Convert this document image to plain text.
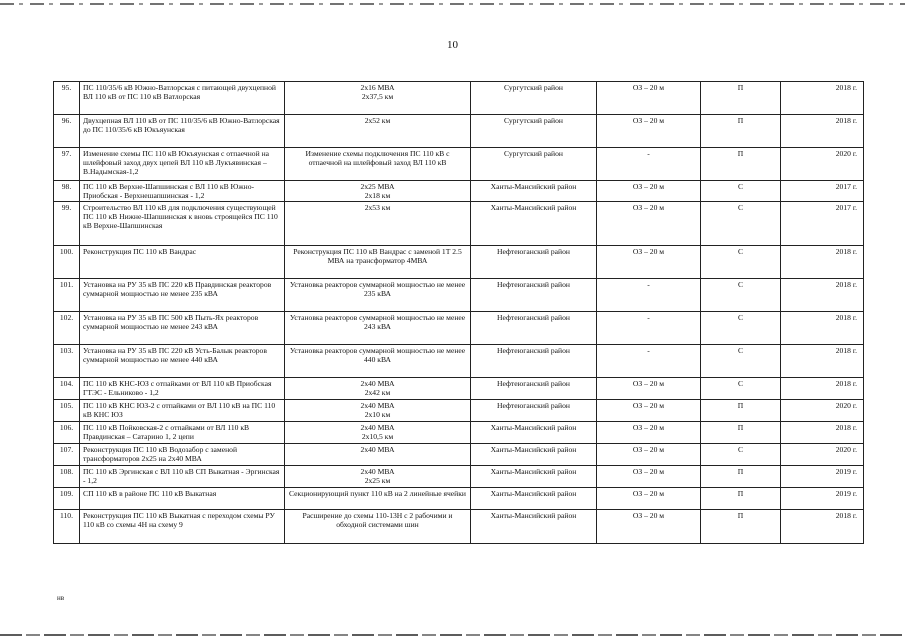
10
95.	ПС 110/35/6 кВ Южно-Ватлорская с питающей двухцепной ВЛ 110 кВ от ПС 110 кВ Ватлорская	2х16 МВА
2х37,5 км	Сургутский район	ОЗ – 20 м	П	2018 г.
96.	Двухцепная ВЛ 110 кВ от ПС 110/35/6 кВ Южно-Ватлорская до ПС 110/35/6 кВ Юкъяунская	2х52 км	Сургутский район	ОЗ – 20 м	П	2018 г.
97.	Изменение схемы ПС 110 кВ Юкъяунская с отпаечной на шлейфовый заход двух цепей ВЛ 110 кВ Лукъявинская – В.Надымская-1,2	Изменение схемы подключения ПС 110 кВ с отпаечной на шлейфовый заход ВЛ 110 кВ	Сургутский район	-	П	2020 г.
98.	ПС 110 кВ Верхне-Шапшинская с ВЛ 110 кВ Южно-Приобская - Верхнешапшинская - 1,2	2х25 МВА
2х18 км	Ханты-Мансийский район	ОЗ – 20 м	С	2017 г.
99.	Строительство ВЛ 110 кВ для подключения существующей ПС 110 кВ Нижне-Шапшинская к вновь строящейся ПС 110 кВ Верхне-Шапшинская	2х53 км	Ханты-Мансийский район	ОЗ – 20 м	С	2017 г.
100.	Реконструкция ПС 110 кВ Вандрас	Реконструкция ПС 110 кВ Вандрас с заменой 1Т 2.5 МВА на трансформатор 4МВА	Нефтеюганский район	ОЗ – 20 м	С	2018 г.
101.	Установка на РУ 35 кВ ПС 220 кВ Правдинская реакторов суммарной мощностью не менее 235 кВА	Установка реакторов суммарной мощностью не менее 235 кВА	Нефтеюганский район	-	С	2018 г.
102.	Установка на РУ 35 кВ ПС 500 кВ Пыть-Ях реакторов суммарной мощностью не менее 243 кВА	Установка реакторов суммарной мощностью не менее 243 кВА	Нефтеюганский район	-	С	2018 г.
103.	Установка на РУ 35 кВ ПС 220 кВ Усть-Балык реакторов суммарной мощностью не менее 440 кВА	Установка реакторов суммарной мощностью не менее 440 кВА	Нефтеюганский район	-	С	2018 г.
104.	ПС 110 кВ КНС-ЮЗ с отпайками от ВЛ 110 кВ Приобская ГТЭС - Ельниково - 1,2	2х40 МВА
2х42 км	Нефтеюганский район	ОЗ – 20 м	С	2018 г.
105.	ПС 110 кВ КНС ЮЗ-2 с отпайками от ВЛ 110 кВ на ПС 110 кВ КНС ЮЗ	2х40 МВА
2х10 км	Нефтеюганский район	ОЗ – 20 м	П	2020 г.
106.	ПС 110 кВ Пойковская-2 с отпайками от ВЛ 110 кВ Правдинская – Сатарино 1, 2 цепи	2х40 МВА
2х10,5 км	Ханты-Мансийский район	ОЗ – 20 м	П	2018 г.
107.	Реконструкция ПС 110 кВ Водозабор с заменой трансформаторов 2х25 на 2х40 МВА	2х40 МВА	Ханты-Мансийский район	ОЗ – 20 м	С	2020 г.
108.	ПС 110 кВ Эргинская с ВЛ 110 кВ СП Выкатная - Эргинская - 1,2	2х40 МВА
2х25 км	Ханты-Мансийский район	ОЗ – 20 м	П	2019 г.
109.	СП 110 кВ в районе ПС 110 кВ Выкатная	Секционирующий пункт 110 кВ на 2 линейные ячейки	Ханты-Мансийский район	ОЗ – 20 м	П	2019 г.
110.	Реконструкция ПС 110 кВ Выкатная с переходом схемы РУ 110 кВ со схемы 4Н на схему 9	Расширение до схемы 110-13Н с 2 рабочими и обходной системами шин	Ханты-Мансийский район	ОЗ – 20 м	П	2018 г.
нв
